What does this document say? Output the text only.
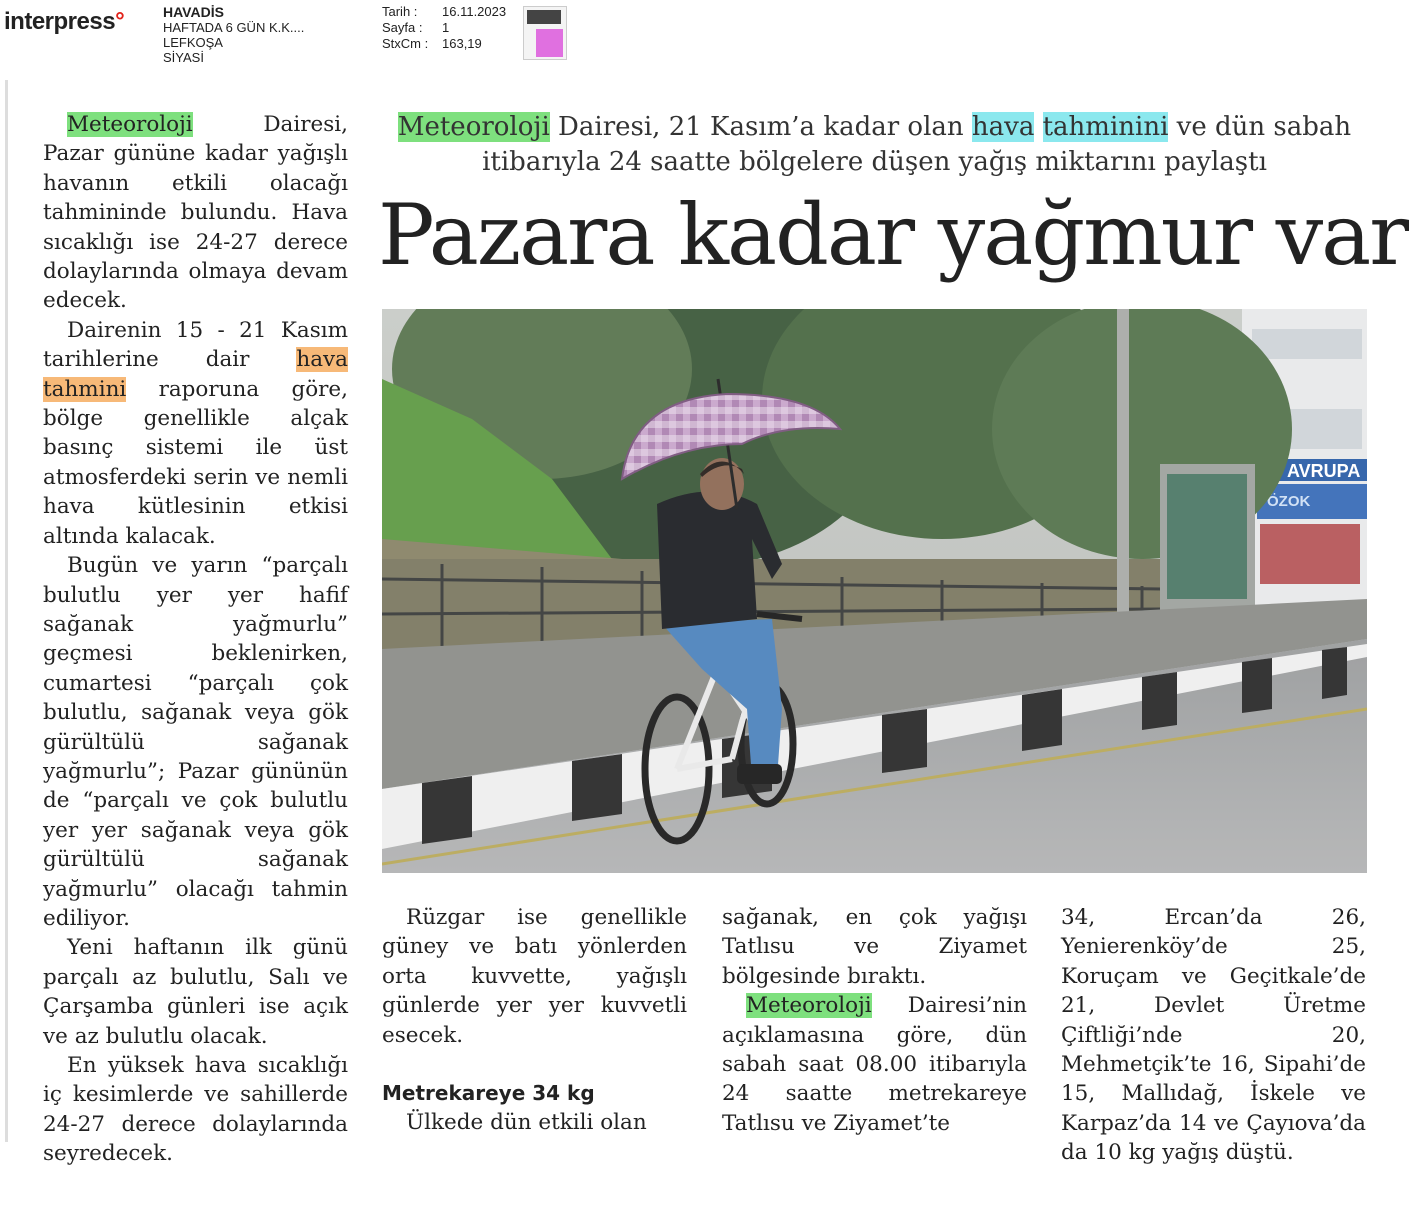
interpress°	HAVADİS
HAFTADA 6 GÜN K.K....
LEFKOŞA
SİYASİ
Tarih :	16.11.2023
Sayfa :	1
StxCm :	163,19

Meteoroloji Dairesi, Pazar gününe kadar yağışlı havanın etkili olacağı tahmininde bulundu. Hava sıcaklığı ise 24-27 derece dolaylarında olmaya devam edecek.

Dairenin 15 - 21 Kasım tarihlerine dair hava tahmini raporuna göre, bölge genellikle alçak basınç sistemi ile üst atmosferdeki serin ve nemli hava kütlesinin etkisi altında kalacak.

Bugün ve yarın “parçalı bulutlu yer yer hafif sağanak yağmurlu” geçmesi beklenirken, cumartesi “parçalı çok bulutlu, sağanak veya gök gürültülü sağanak yağmurlu”; Pazar gününün de “parçalı ve çok bulutlu yer yer sağanak veya gök gürültülü sağanak yağmurlu” olacağı tahmin ediliyor.

Yeni haftanın ilk günü parçalı az bulutlu, Salı ve Çarşamba günleri ise açık ve az bulutlu olacak.

En yüksek hava sıcaklığı iç kesimlerde ve sahillerde 24-27 derece dolaylarında seyredecek.

Meteoroloji Dairesi, 21 Kasım’a kadar olan hava tahminini ve dün sabah itibarıyla 24 saatte bölgelere düşen yağış miktarını paylaştı
Pazara kadar yağmur var
AVRUPA
ÖZOK

Rüzgar ise genellikle güney ve batı yönlerden orta kuvvette, yağışlı günlerde yer yer kuvvetli esecek.

Metrekareye 34 kg

Ülkede dün etkili olan

sağanak, en çok yağışı Tatlısu ve Ziyamet bölgesinde bıraktı.

Meteoroloji Dairesi’nin açıklamasına göre, dün sabah saat 08.00 itibarıyla 24 saatte metrekareye Tatlısu ve Ziyamet’te

34, Ercan’da 26, Yenierenköy’de 25, Koruçam ve Geçitkale’de 21, Devlet Üretme Çiftliği’nde 20, Mehmetçik’te 16, Sipahi’de 15, Mallıdağ, İskele ve Karpaz’da 14 ve Çayıova’da da 10 kg yağış düştü.
